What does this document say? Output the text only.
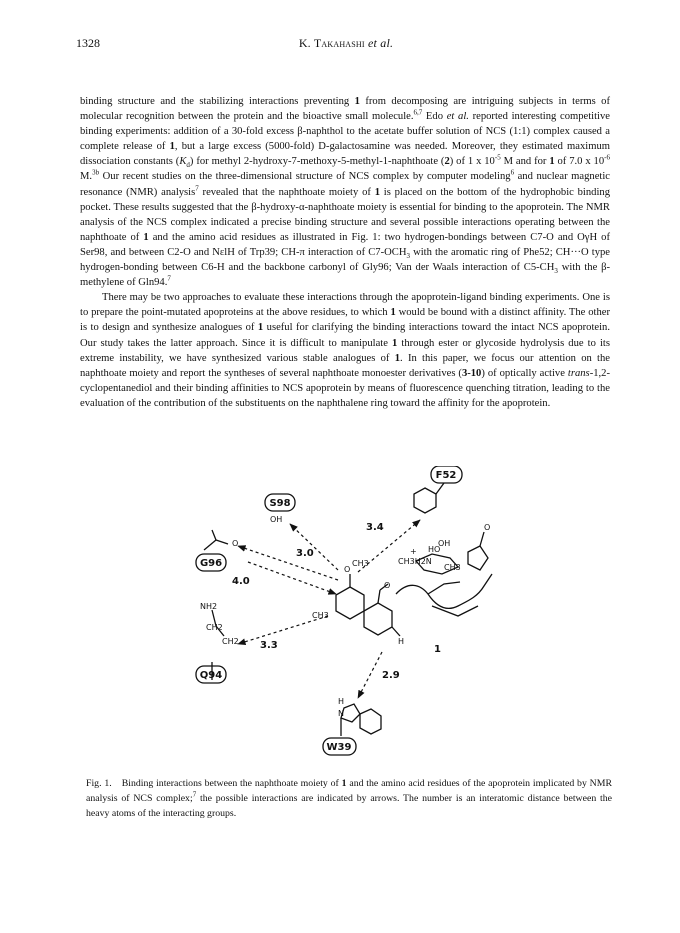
1328	K. Takahashi et al.

binding structure and the stabilizing interactions preventing 1 from decomposing are intriguing subjects in terms of molecular recognition between the protein and the bioactive small molecule.$^{6,7}$ Edo et al. reported interesting competitive binding experiments: addition of a 30-fold excess β-naphthol to the acetate buffer solution of NCS (1:1) complex caused a complete release of 1, but a large excess (5000-fold) D-galactosamine was needed. Moreover, they estimated maximum dissociation constants $(K_d)$ for methyl 2-hydroxy-7-methoxy-5-methyl-1-naphthoate (2) of 1 x $10^{-5}$ M and for 1 of 7.0 x $10^{-6}$ M.$^{3b}$ Our recent studies on the three-dimensional structure of NCS complex by computer modeling$^6$ and nuclear magnetic resonance (NMR) analysis$^7$ revealed that the naphthoate moiety of 1 is placed on the bottom of the hydrophobic binding pocket. These results suggested that the β-hydroxy-α-naphthoate moiety is essential for binding to the apoprotein. The NMR analysis of the NCS complex indicated a precise binding structure and several possible interactions operating between the naphthoate of 1 and the amino acid residues as illustrated in Fig. 1: two hydrogen-bondings between C7-O and OγH of Ser98, and between C2-O and NεlH of Trp39; CH-π interaction of $C7-OCH_3$ with the aromatic ring of Phe52; CH···O type hydrogen-bonding between C6-H and the backbone carbonyl of Gly96; Van der Waals interaction of $C5-CH_3$ with the β-methylene of Gln94.$^7$

There may be two approaches to evaluate these interactions through the apoprotein-ligand binding experiments. One is to prepare the point-mutated apoproteins at the above residues, to which 1 would be bound with a distinct affinity. The other is to design and synthesize analogues of 1 useful for clarifying the binding interactions toward the intact NCS apoprotein. Our study takes the latter approach. Since it is difficult to manipulate 1 through ester or glycoside hydrolysis due to its extreme instability, we have synthesized various stable analogues of 1. In this paper, we focus our attention on the naphthoate moiety and report the syntheses of several naphthoate monoester derivatives (3-10) of optically active trans-1,2-cyclopentanediol and their binding affinities to NCS apoprotein by means of fluorescence quenching titration, leading to the evaluation of the contribution of the substituents on the naphthalene ring toward the affinity for the apoprotein.

S98
F52
G96
Q94
W39
3.4
3.0
4.0
3.3
2.9
OH
O
NH2
CH2
CH2
O
CH3
CH3
CH3H2N
+ HO
OH
CH3
O
O
H
H
N
1
Fig. 1. Binding interactions between the naphthoate moiety of 1 and the amino acid residues of the apoprotein implicated by NMR analysis of NCS complex;$^7$ the possible interactions are indicated by arrows. The number is an interatomic distance between the heavy atoms of the interacting groups.
